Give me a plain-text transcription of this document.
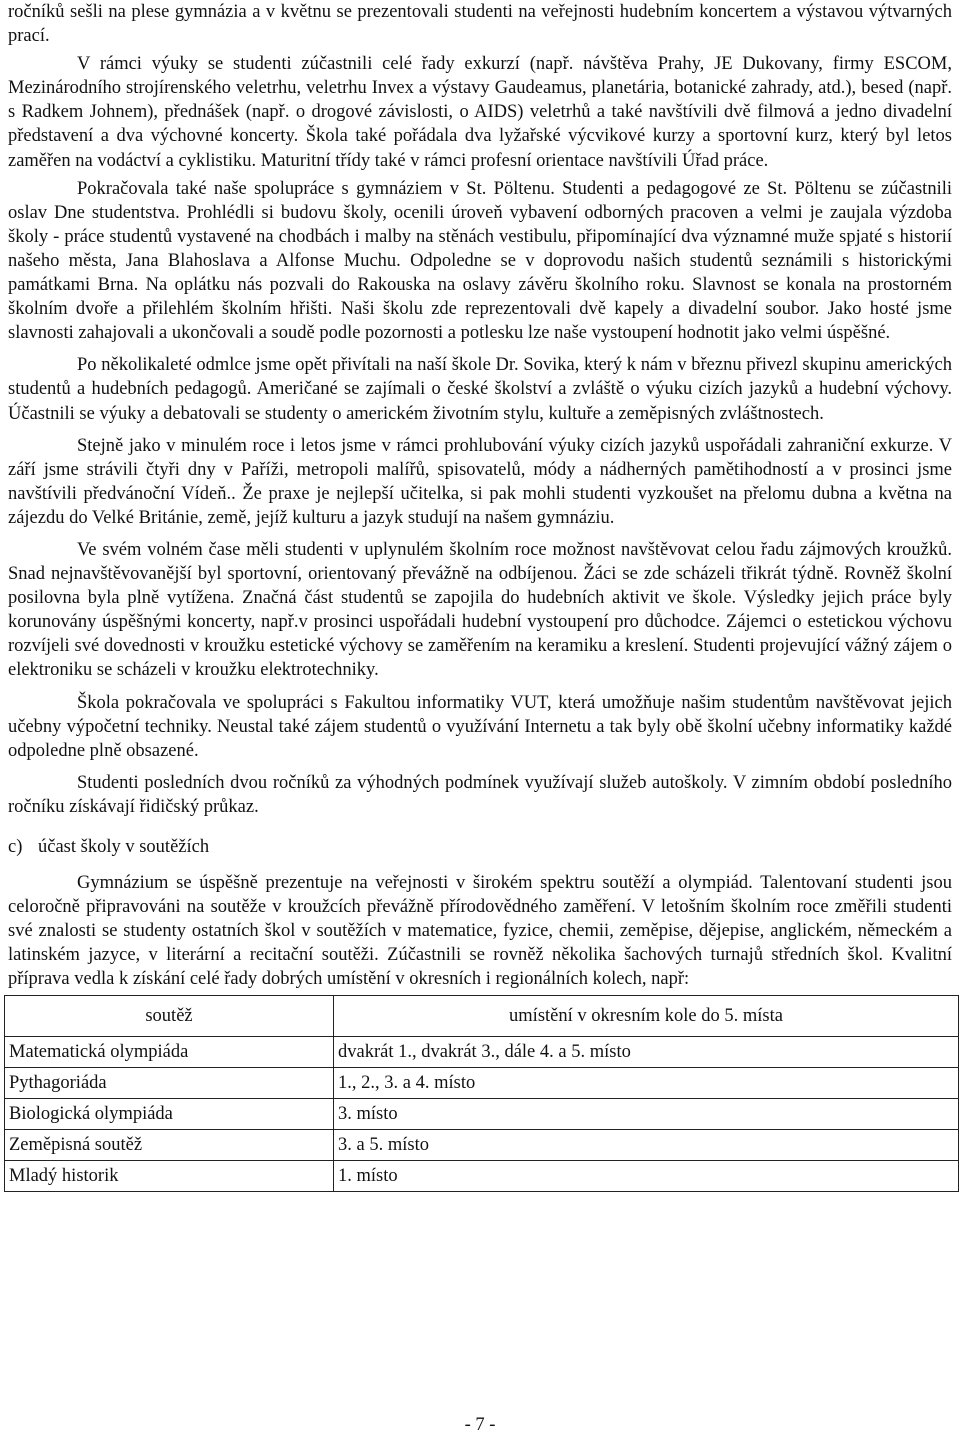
ročníků sešli na plese gymnázia a v květnu se prezentovali studenti na veřejnosti hudebním koncertem a výstavou výtvarných prací.

V rámci výuky se studenti zúčastnili celé řady exkurzí (např. návštěva Prahy, JE Dukovany, firmy ESCOM, Mezinárodního strojírenského veletrhu, veletrhu Invex a výstavy Gaudeamus, planetária, botanické zahrady, atd.), besed (např. s Radkem Johnem), přednášek (např. o drogové závislosti, o AIDS) veletrhů a také navštívili dvě filmová a jedno divadelní představení a dva výchovné koncerty. Škola také pořádala dva lyžařské výcvikové kurzy a sportovní kurz, který byl letos zaměřen na vodáctví a cyklistiku. Maturitní třídy také v rámci profesní orientace navštívili Úřad práce.

Pokračovala také naše spolupráce s gymnáziem v St. Pöltenu. Studenti a pedagogové ze St. Pöltenu se zúčastnili oslav Dne studentstva. Prohlédli si budovu školy, ocenili úroveň vybavení odborných pracoven a velmi je zaujala výzdoba školy - práce studentů vystavené na chodbách i malby na stěnách vestibulu, připomínající dva významné muže spjaté s historií našeho města, Jana Blahoslava a Alfonse Muchu. Odpoledne se v doprovodu našich studentů seznámili s historickými památkami Brna. Na oplátku nás pozvali do Rakouska na oslavy závěru školního roku. Slavnost se konala na prostorném školním dvoře a přilehlém školním hřišti. Naši školu zde reprezentovali dvě kapely a divadelní soubor. Jako hosté jsme slavnosti zahajovali a ukončovali a soudě podle pozornosti a potlesku lze naše vystoupení hodnotit jako velmi úspěšné.

Po několikaleté odmlce jsme opět přivítali na naší škole Dr. Sovika, který k nám v březnu přivezl skupinu amerických studentů a hudebních pedagogů. Američané se zajímali o české školství a zvláště o výuku cizích jazyků a hudební výchovy. Účastnili se výuky a debatovali se studenty o americkém životním stylu, kultuře a zeměpisných zvláštnostech.

Stejně jako v minulém roce i letos jsme v rámci prohlubování výuky cizích jazyků uspořádali zahraniční exkurze. V září jsme strávili čtyři dny v Paříži, metropoli malířů, spisovatelů, módy a nádherných pamětihodností a v prosinci jsme navštívili předvánoční Vídeň.. Že praxe je nejlepší učitelka, si pak mohli studenti vyzkoušet na přelomu dubna a května na zájezdu do Velké Británie, země, jejíž kulturu a jazyk studují na našem gymnáziu.

Ve svém volném čase měli studenti v uplynulém školním roce možnost navštěvovat celou řadu zájmových kroužků. Snad nejnavštěvovanější byl sportovní, orientovaný převážně na odbíjenou. Žáci se zde scházeli třikrát týdně. Rovněž školní posilovna byla plně vytížena. Značná část studentů se zapojila do hudebních aktivit ve škole. Výsledky jejich práce byly korunovány úspěšnými koncerty, např.v prosinci uspořádali hudební vystoupení pro důchodce. Zájemci o estetickou výchovu rozvíjeli své dovednosti v kroužku estetické výchovy se zaměřením na keramiku a kreslení. Studenti projevující vážný zájem o elektroniku se scházeli v kroužku elektrotechniky.

Škola pokračovala ve spolupráci s Fakultou informatiky VUT, která umožňuje našim studentům navštěvovat jejich učebny výpočetní techniky. Neustal také zájem studentů o využívání Internetu a tak byly obě školní učebny informatiky každé odpoledne plně obsazené.

Studenti posledních dvou ročníků za výhodných podmínek využívají služeb autoškoly. V zimním období posledního ročníku získávají řidičský průkaz.

c) účast školy v soutěžích

Gymnázium se úspěšně prezentuje na veřejnosti v širokém spektru soutěží a olympiád. Talentovaní studenti jsou celoročně připravováni na soutěže v kroužcích převážně přírodovědného zaměření. V letošním školním roce změřili studenti své znalosti se studenty ostatních škol v soutěžích v matematice, fyzice, chemii, zeměpise, dějepise, anglickém, německém a latinském jazyce, v literární a recitační soutěži. Zúčastnili se rovněž několika šachových turnajů středních škol. Kvalitní příprava vedla k získání celé řady dobrých umístění v okresních i regionálních kolech, např:

soutěž	umístění v okresním kole do 5. místa
Matematická olympiáda	dvakrát 1., dvakrát 3., dále 4. a 5. místo
Pythagoriáda	1., 2., 3. a 4. místo
Biologická olympiáda	3. místo
Zeměpisná soutěž	3. a 5. místo
Mladý historik	1. místo
- 7 -
